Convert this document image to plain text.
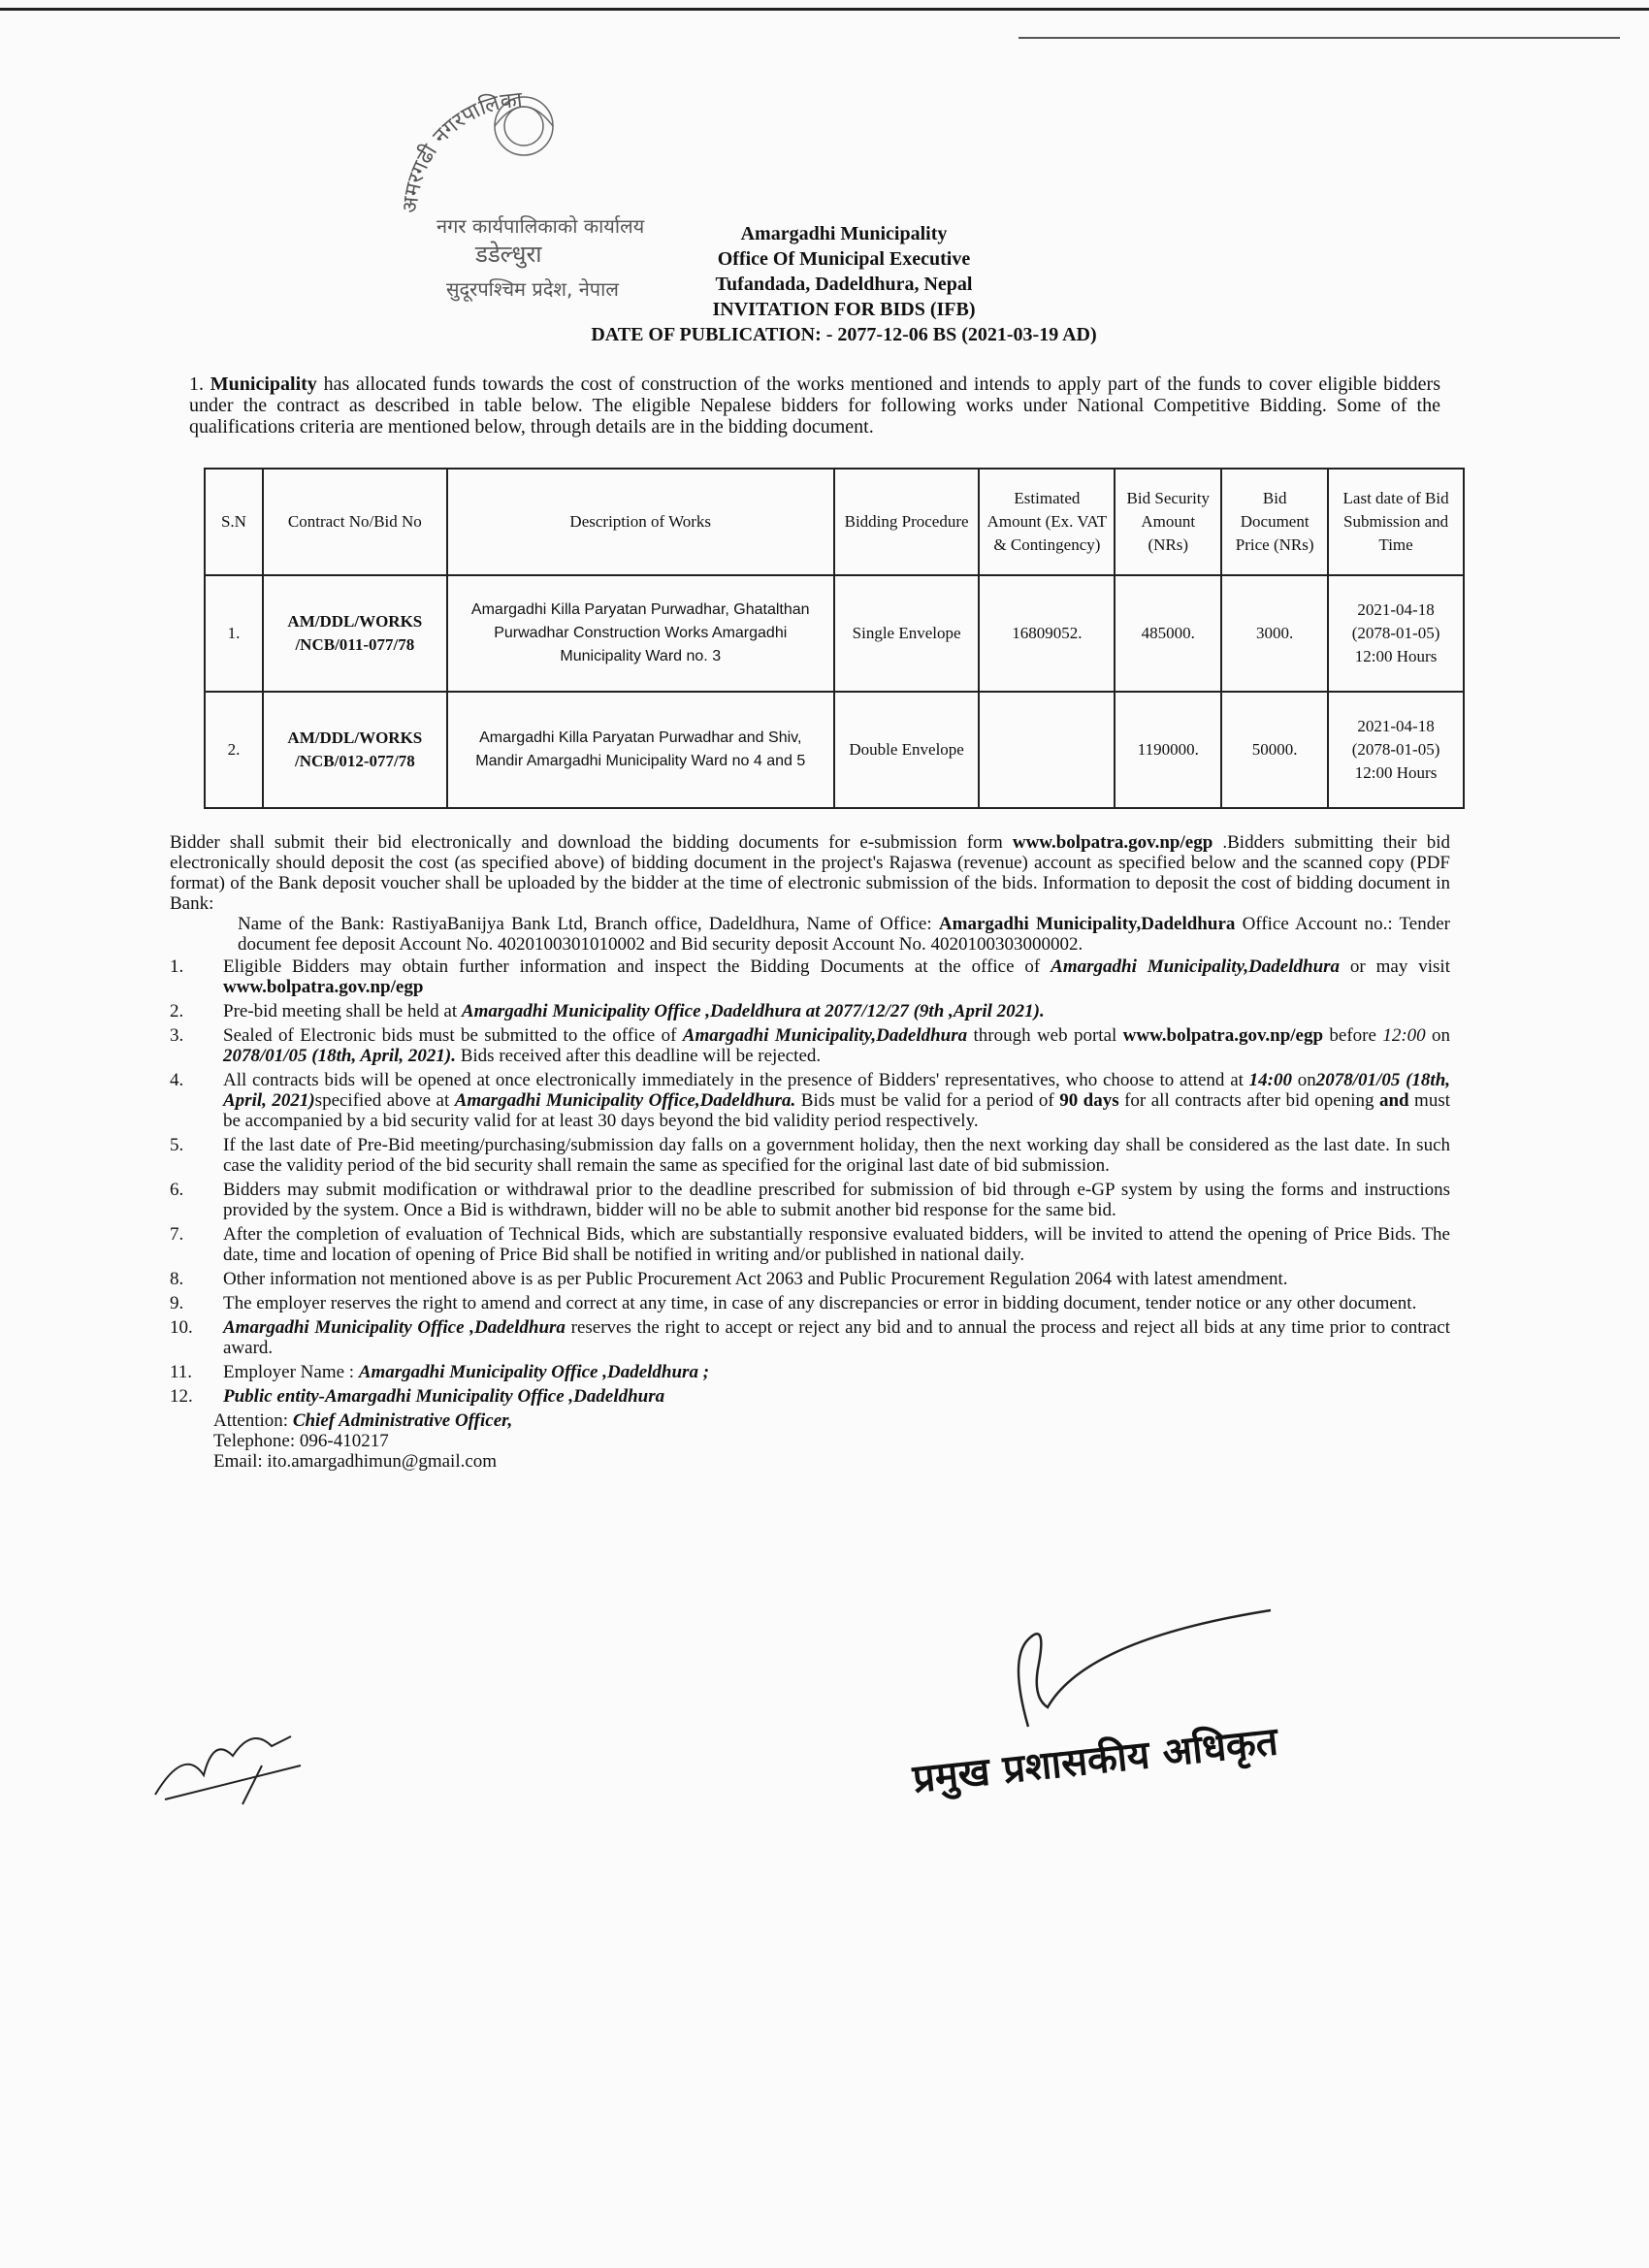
अमरगढी नगरपालिका
नगर कार्यपालिकाको कार्यालय
डडेल्धुरा
सुदूरपश्चिम प्रदेश, नेपाल
Amargadhi Municipality
Office Of Municipal Executive
Tufandada, Dadeldhura, Nepal
INVITATION FOR BIDS (IFB)
DATE OF PUBLICATION: - 2077-12-06 BS (2021-03-19 AD)
1. Municipality has allocated funds towards the cost of construction of the works mentioned and intends to apply part of the funds to cover eligible bidders under the contract as described in table below. The eligible Nepalese bidders for following works under National Competitive Bidding. Some of the qualifications criteria are mentioned below, through details are in the bidding document.
S.N	Contract No/Bid No	Description of Works	Bidding Procedure	Estimated Amount (Ex. VAT & Contingency)	Bid Security Amount (NRs)	Bid Document Price (NRs)	Last date of Bid Submission and Time
1.	AM/DDL/WORKS /NCB/011-077/78	Amargadhi Killa Paryatan Purwadhar, Ghatalthan Purwadhar Construction Works Amargadhi Municipality Ward no. 3	Single Envelope	16809052.	485000.	3000.	2021-04-18
(2078-01-05)
12:00 Hours

2.	AM/DDL/WORKS /NCB/012-077/78	Amargadhi Killa Paryatan Purwadhar and Shiv, Mandir Amargadhi Municipality Ward no 4 and 5	Double Envelope		1190000.	50000.	2021-04-18
(2078-01-05)
12:00 Hours

Bidder shall submit their bid electronically and download the bidding documents for e-submission form www.bolpatra.gov.np/egp .Bidders submitting their bid electronically should deposit the cost (as specified above) of bidding document in the project's Rajaswa (revenue) account as specified below and the scanned copy (PDF format) of the Bank deposit voucher shall be uploaded by the bidder at the time of electronic submission of the bids. Information to deposit the cost of bidding document in Bank:

Name of the Bank: RastiyaBanijya Bank Ltd, Branch office, Dadeldhura, Name of Office: Amargadhi Municipality,Dadeldhura Office Account no.: Tender document fee deposit Account No. 4020100301010002 and Bid security deposit Account No. 4020100303000002.

1. Eligible Bidders may obtain further information and inspect the Bidding Documents at the office of Amargadhi Municipality,Dadeldhura or may visit www.bolpatra.gov.np/egp
2. Pre-bid meeting shall be held at Amargadhi Municipality Office ,Dadeldhura at 2077/12/27 (9th ,April 2021).
3. Sealed of Electronic bids must be submitted to the office of Amargadhi Municipality,Dadeldhura through web portal www.bolpatra.gov.np/egp before 12:00 on 2078/01/05 (18th, April, 2021). Bids received after this deadline will be rejected.
4. All contracts bids will be opened at once electronically immediately in the presence of Bidders' representatives, who choose to attend at 14:00 on2078/01/05 (18th, April, 2021)specified above at Amargadhi Municipality Office,Dadeldhura. Bids must be valid for a period of 90 days for all contracts after bid opening and must be accompanied by a bid security valid for at least 30 days beyond the bid validity period respectively.
5. If the last date of Pre-Bid meeting/purchasing/submission day falls on a government holiday, then the next working day shall be considered as the last date. In such case the validity period of the bid security shall remain the same as specified for the original last date of bid submission.
6. Bidders may submit modification or withdrawal prior to the deadline prescribed for submission of bid through e-GP system by using the forms and instructions provided by the system. Once a Bid is withdrawn, bidder will no be able to submit another bid response for the same bid.
7. After the completion of evaluation of Technical Bids, which are substantially responsive evaluated bidders, will be invited to attend the opening of Price Bids. The date, time and location of opening of Price Bid shall be notified in writing and/or published in national daily.
8. Other information not mentioned above is as per Public Procurement Act 2063 and Public Procurement Regulation 2064 with latest amendment.
9. The employer reserves the right to amend and correct at any time, in case of any discrepancies or error in bidding document, tender notice or any other document.
10. Amargadhi Municipality Office ,Dadeldhura reserves the right to accept or reject any bid and to annual the process and reject all bids at any time prior to contract award.
11. Employer Name : Amargadhi Municipality Office ,Dadeldhura ;
12. Public entity-Amargadhi Municipality Office ,Dadeldhura
Attention: Chief Administrative Officer,
Telephone: 096-410217
Email: ito.amargadhimun@gmail.com
प्रमुख प्रशासकीय अधिकृत
